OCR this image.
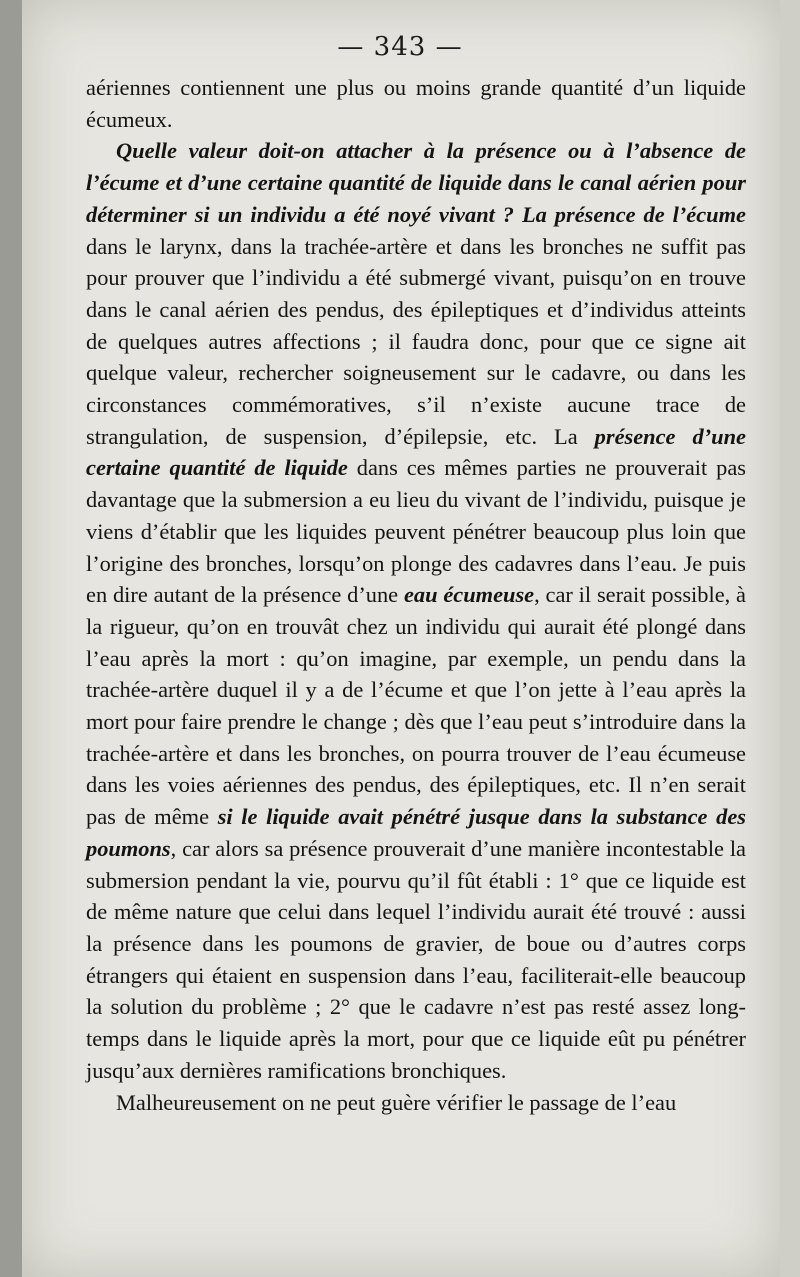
— 343 —

aériennes contiennent une plus ou moins grande quantité d’un liquide écumeux.

Quelle valeur doit-on attacher à la présence ou à l’absence de l’écume et d’une certaine quantité de liquide dans le canal aérien pour déterminer si un individu a été noyé vivant ? La présence de l’écume dans le larynx, dans la trachée-artère et dans les bronches ne suffit pas pour prouver que l’individu a été submergé vivant, puisqu’on en trouve dans le canal aérien des pendus, des épileptiques et d’individus atteints de quelques autres affections ; il faudra donc, pour que ce signe ait quelque valeur, rechercher soigneusement sur le cadavre, ou dans les circonstances commémoratives, s’il n’existe aucune trace de strangulation, de suspension, d’épilepsie, etc. La présence d’une certaine quantité de liquide dans ces mêmes parties ne prouverait pas davantage que la submersion a eu lieu du vivant de l’individu, puisque je viens d’établir que les liquides peuvent pénétrer beaucoup plus loin que l’origine des bronches, lorsqu’on plonge des cadavres dans l’eau. Je puis en dire autant de la présence d’une eau écumeuse, car il serait possible, à la rigueur, qu’on en trouvât chez un individu qui aurait été plongé dans l’eau après la mort : qu’on imagine, par exemple, un pendu dans la trachée-artère duquel il y a de l’écume et que l’on jette à l’eau après la mort pour faire prendre le change ; dès que l’eau peut s’introduire dans la trachée-artère et dans les bronches, on pourra trouver de l’eau écumeuse dans les voies aériennes des pendus, des épileptiques, etc. Il n’en serait pas de même si le liquide avait pénétré jusque dans la substance des poumons, car alors sa présence prouverait d’une manière incontestable la submersion pendant la vie, pourvu qu’il fût établi : 1° que ce liquide est de même nature que celui dans lequel l’individu aurait été trouvé : aussi la présence dans les poumons de gravier, de boue ou d’autres corps étrangers qui étaient en suspension dans l’eau, faciliterait-elle beaucoup la solution du problème ; 2° que le cadavre n’est pas resté assez long-temps dans le liquide après la mort, pour que ce liquide eût pu pénétrer jusqu’aux dernières ramifications bronchiques.

Malheureusement on ne peut guère vérifier le passage de l’eau
